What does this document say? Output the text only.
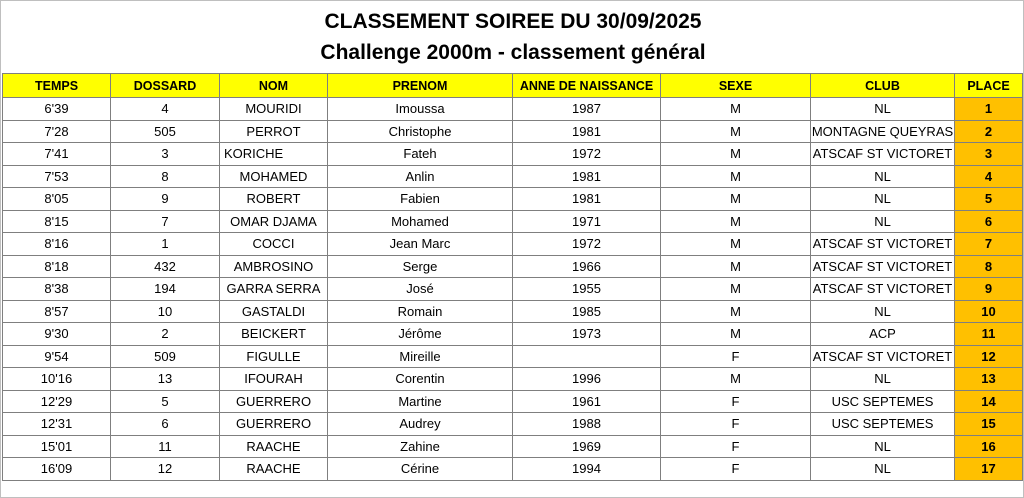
CLASSEMENT SOIREE DU 30/09/2025
Challenge 2000m - classement général
TEMPS	DOSSARD	NOM	PRENOM	ANNE DE NAISSANCE	SEXE	CLUB	PLACE
6'39	4	MOURIDI	Imoussa	1987	M	NL	1
7'28	505	PERROT	Christophe	1981	M	MONTAGNE QUEYRAS	2
7'41	3	KORICHE	Fateh	1972	M	ATSCAF ST VICTORET	3
7'53	8	MOHAMED	Anlin	1981	M	NL	4
8'05	9	ROBERT	Fabien	1981	M	NL	5
8'15	7	OMAR DJAMA	Mohamed	1971	M	NL	6
8'16	1	COCCI	Jean Marc	1972	M	ATSCAF ST VICTORET	7
8'18	432	AMBROSINO	Serge	1966	M	ATSCAF ST VICTORET	8
8'38	194	GARRA SERRA	José	1955	M	ATSCAF ST VICTORET	9
8'57	10	GASTALDI	Romain	1985	M	NL	10
9'30	2	BEICKERT	Jérôme	1973	M	ACP	11
9'54	509	FIGULLE	Mireille		F	ATSCAF ST VICTORET	12
10'16	13	IFOURAH	Corentin	1996	M	NL	13
12'29	5	GUERRERO	Martine	1961	F	USC SEPTEMES	14
12'31	6	GUERRERO	Audrey	1988	F	USC SEPTEMES	15
15'01	11	RAACHE	Zahine	1969	F	NL	16
16'09	12	RAACHE	Cérine	1994	F	NL	17
